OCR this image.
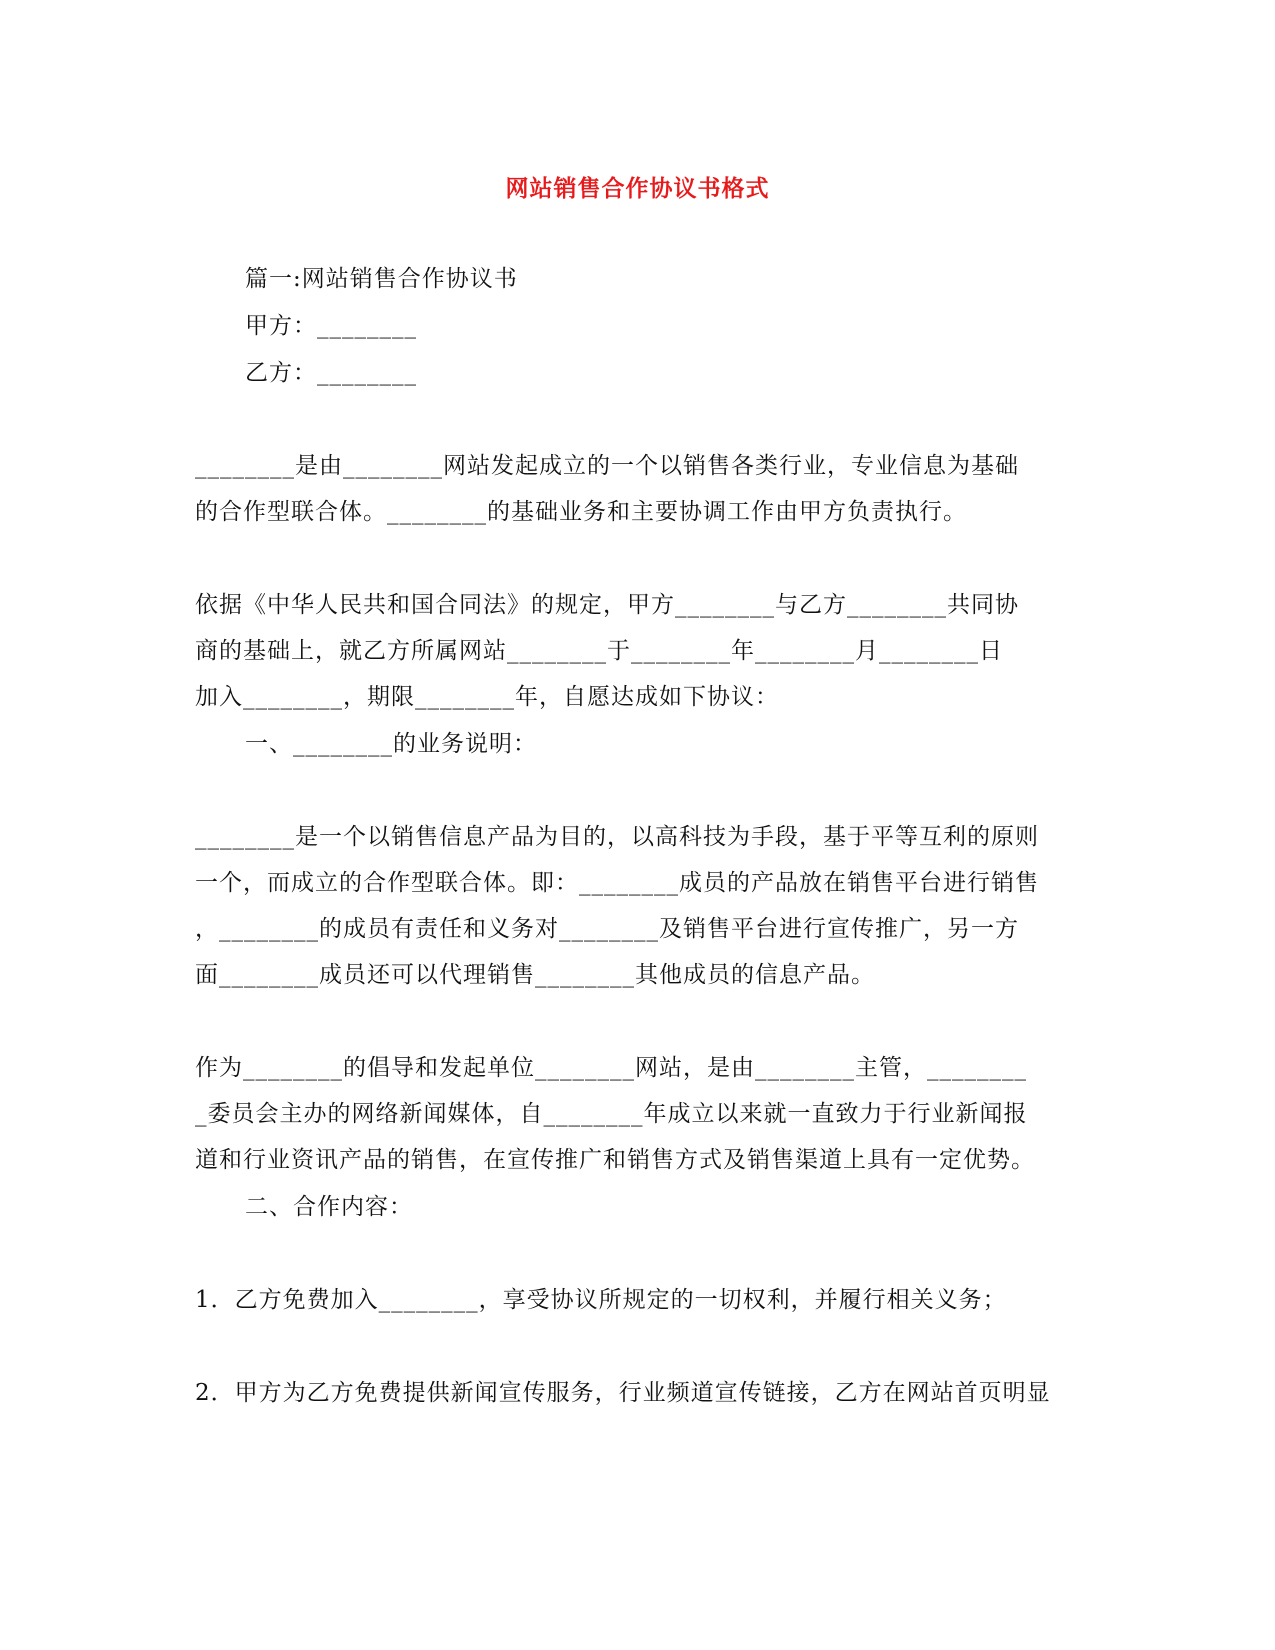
网站销售合作协议书格式
篇一:网站销售合作协议书
甲方：________
乙方：________
________是由________网站发起成立的一个以销售各类行业，专业信息为基础
的合作型联合体。________的基础业务和主要协调工作由甲方负责执行。
依据《中华人民共和国合同法》的规定，甲方________与乙方________共同协
商的基础上，就乙方所属网站________于________年________月________日
加入________，期限________年，自愿达成如下协议：
一、________的业务说明：
________是一个以销售信息产品为目的，以高科技为手段，基于平等互利的原则
一个，而成立的合作型联合体。即：________成员的产品放在销售平台进行销售
，________的成员有责任和义务对________及销售平台进行宣传推广，另一方
面________成员还可以代理销售________其他成员的信息产品。
作为________的倡导和发起单位________网站，是由________主管，________
_委员会主办的网络新闻媒体，自________年成立以来就一直致力于行业新闻报
道和行业资讯产品的销售，在宣传推广和销售方式及销售渠道上具有一定优势。
二、合作内容：
1．乙方免费加入________，享受协议所规定的一切权利，并履行相关义务；
2．甲方为乙方免费提供新闻宣传服务，行业频道宣传链接，乙方在网站首页明显
